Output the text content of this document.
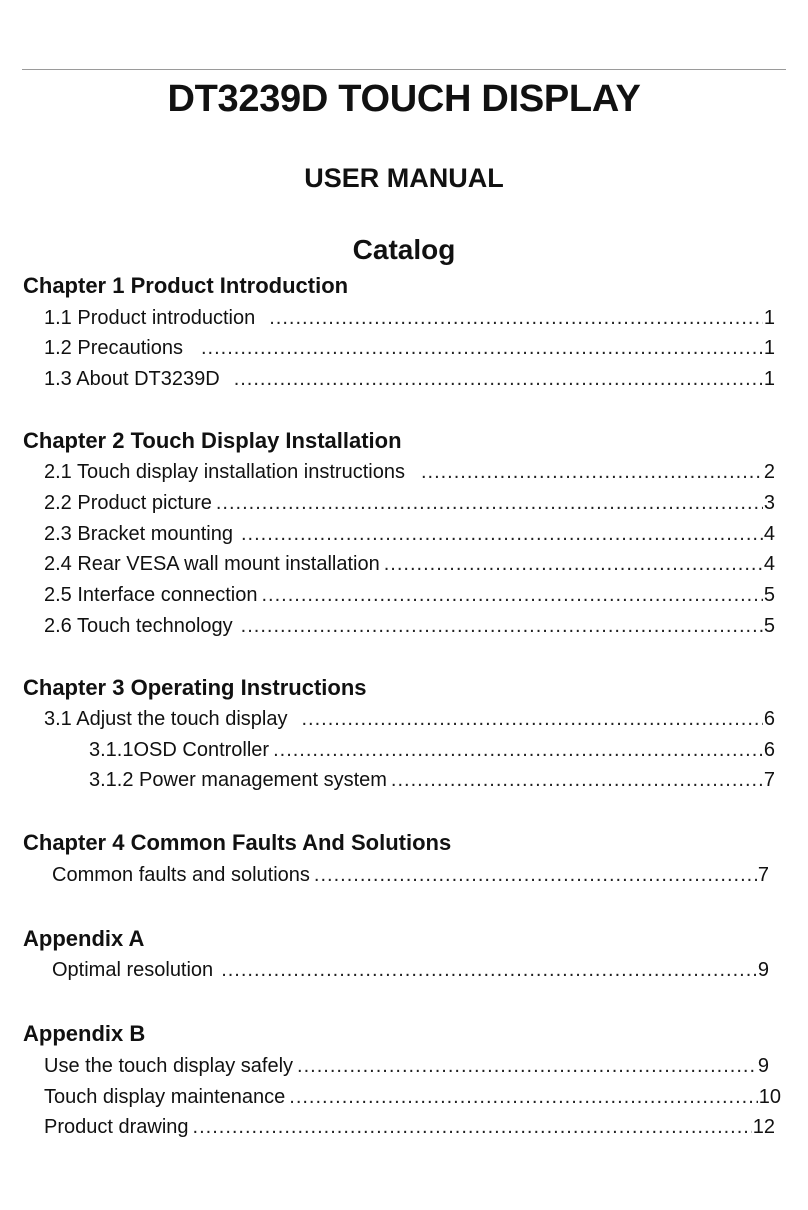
DT3239D TOUCH DISPLAY
USER MANUAL
Catalog
Chapter 1 Product Introduction
1.1 Product introduction .....	1
1.2 Precautions .....	1
1.3 About DT3239D .....	1
Chapter 2 Touch Display Installation
2.1 Touch display installation instructions .....	2
2.2 Product picture .....	3
2.3 Bracket mounting .....	4
2.4 Rear VESA wall mount installation .....	4
2.5 Interface connection .....	5
2.6 Touch technology .....	5
Chapter 3 Operating Instructions
3.1 Adjust the touch display .....	6
3.1.1OSD Controller .....	6
3.1.2 Power management system .....	7
Chapter 4 Common Faults And Solutions
Common faults and solutions .....	7
Appendix A
Optimal resolution .....	9
Appendix B
Use the touch display safely .....	9
Touch display maintenance .....	10
Product drawing .....	12
